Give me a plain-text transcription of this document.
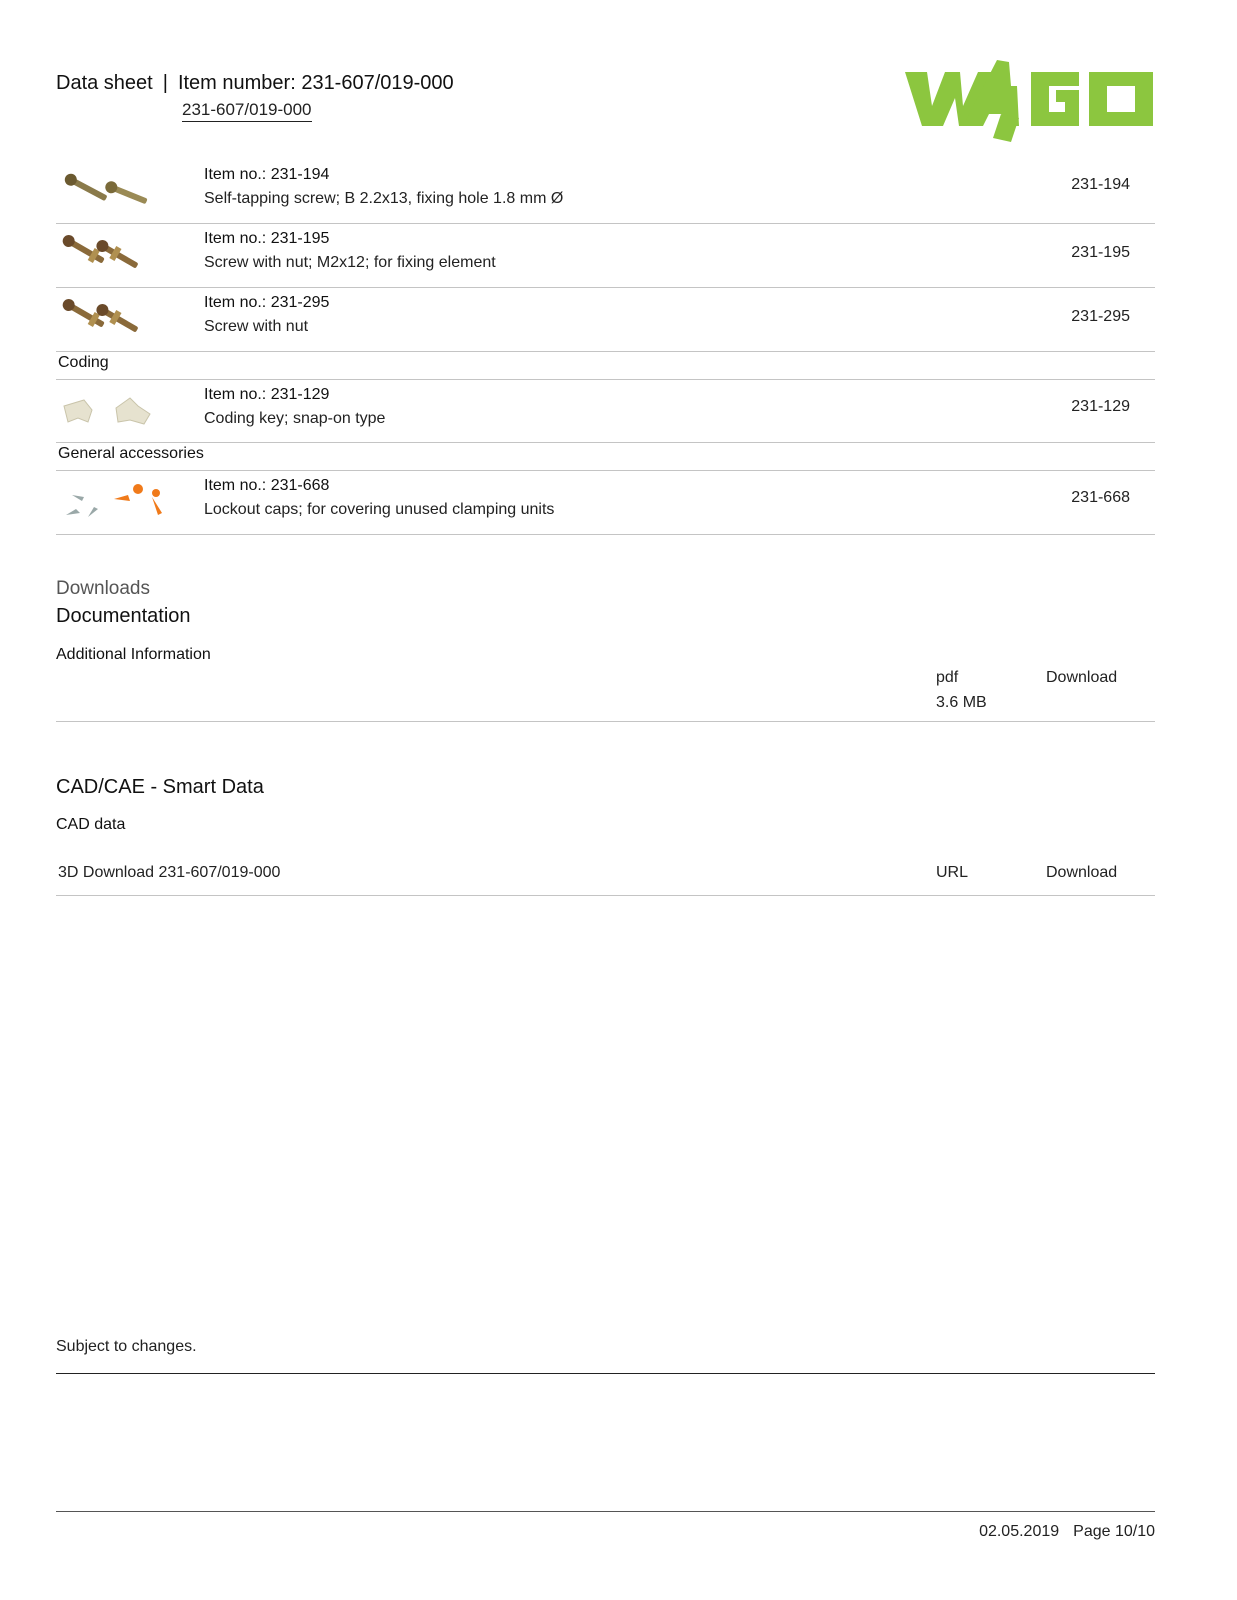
Data sheet | Item number: 231-607/019-000
231-607/019-000
Item no.: 231-194
Self-tapping screw; B 2.2x13, fixing hole 1.8 mm Ø
231-194
Item no.: 231-195
Screw with nut; M2x12; for fixing element
231-195
Item no.: 231-295
Screw with nut
231-295
Coding
Item no.: 231-129
Coding key; snap-on type
231-129
General accessories
Item no.: 231-668
Lockout caps; for covering unused clamping units
231-668
Downloads
Documentation
Additional Information
pdf
3.6 MB
Download
CAD/CAE - Smart Data
CAD data
3D Download 231-607/019-000	URL	Download
Subject to changes.
02.05.2019 Page 10/10
